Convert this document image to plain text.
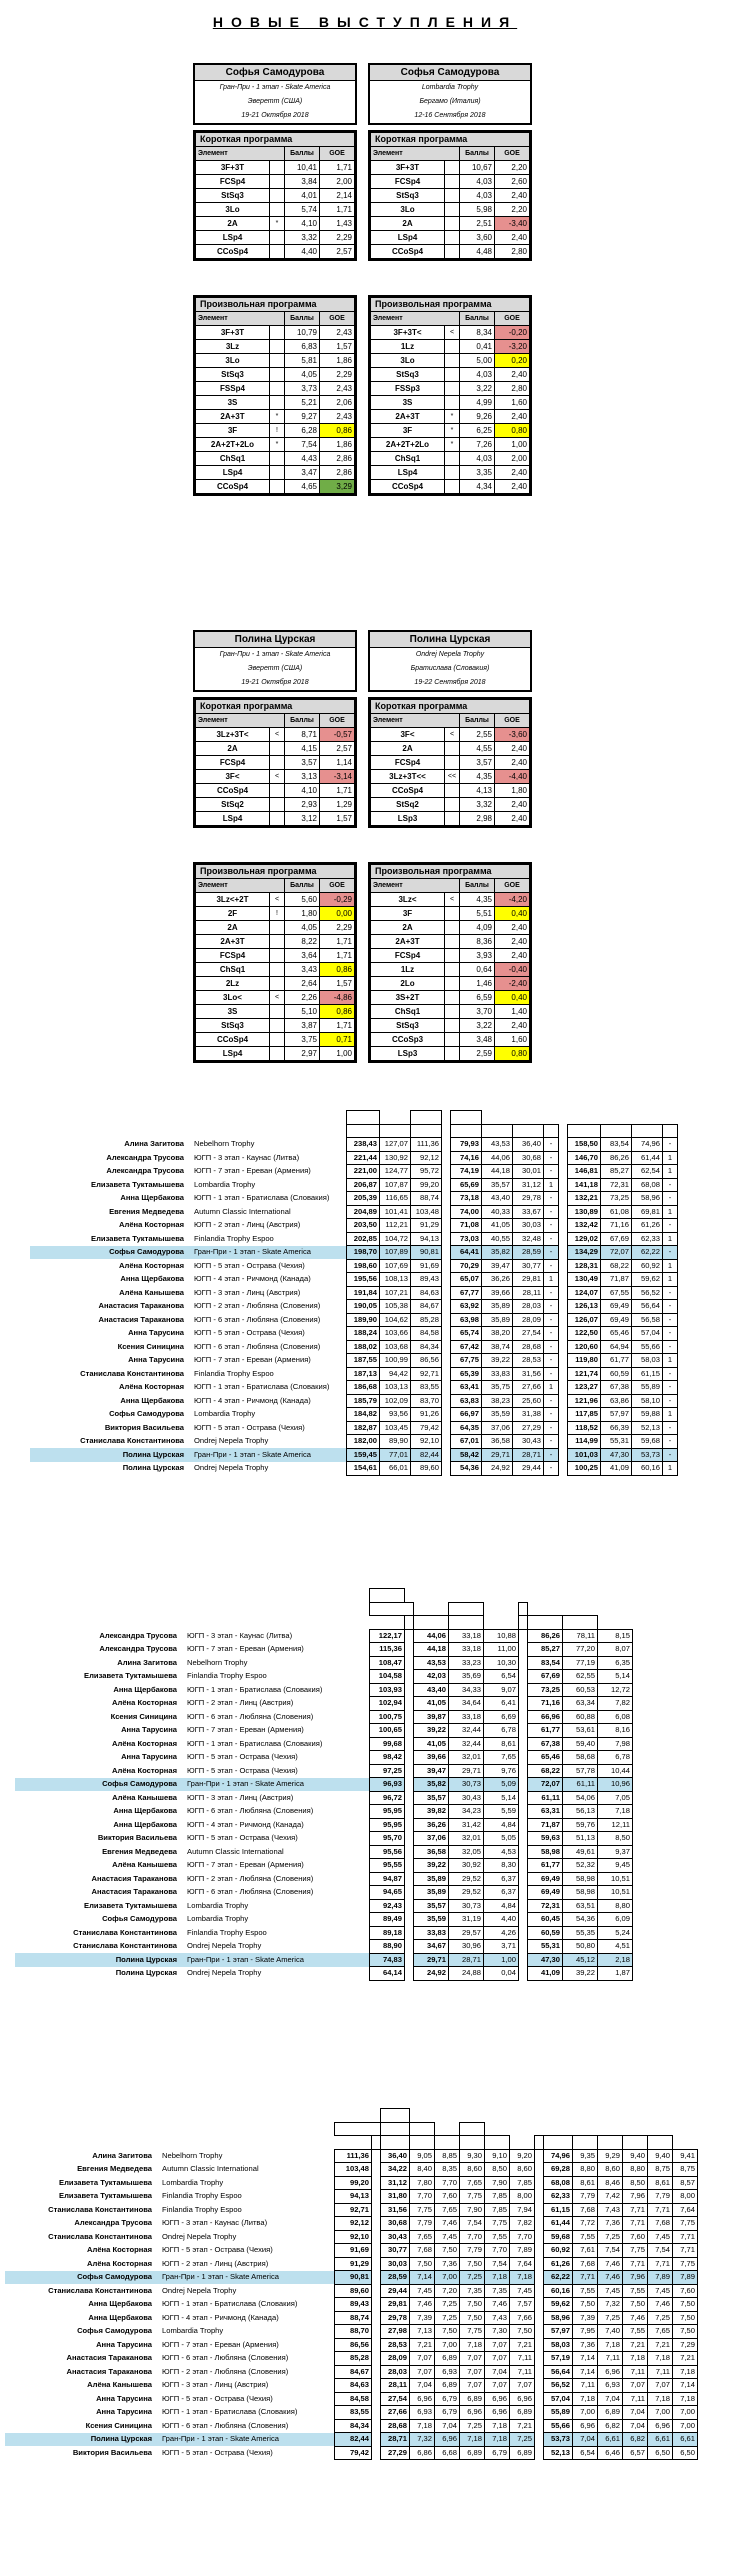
НОВЫЕ ВЫСТУПЛЕНИЯ
Софья Самодурова
Гран-При - 1 этап - Skate America
Эверетт (США)
19-21 Октября 2018
Короткая программа			
Элемент		Баллы	GOE
3F+3T		10,41	1,71
FCSp4		3,84	2,00
StSq3		4,01	2,14
3Lo		5,74	1,71
2A	*	4,10	1,43
LSp4		3,32	2,29
CCoSp4		4,40	2,57
Произвольная программа			
Элемент		Баллы	GOE
3F+3T		10,79	2,43
3Lz		6,83	1,57
3Lo		5,81	1,86
StSq3		4,05	2,29
FSSp4		3,73	2,43
3S		5,21	2,06
2A+3T	*	9,27	2,43
3F	!	6,28	0,86
2A+2T+2Lo	*	7,54	1,86
ChSq1		4,43	2,86
LSp4		3,47	2,86
CCoSp4		4,65	3,29
Софья Самодурова
Lombardia Trophy
Бергамо (Италия)
12-16 Сентября 2018
Короткая программа			
Элемент		Баллы	GOE
3F+3T		10,67	2,20
FCSp4		4,03	2,60
StSq3		4,03	2,40
3Lo		5,98	2,20
2A		2,51	-3,40
LSp4		3,60	2,40
CCoSp4		4,48	2,80
Произвольная программа			
Элемент		Баллы	GOE
3F+3T<	<	8,34	-0,20
1Lz		0,41	-3,20
3Lo		5,00	0,20
StSq3		4,03	2,40
FSSp3		3,22	2,80
3S		4,99	1,60
2A+3T	*	9,26	2,40
3F	*	6,25	0,80
2A+2T+2Lo	*	7,26	1,00
ChSq1		4,03	2,00
LSp4		3,35	2,40
CCoSp4		4,34	2,40
Полина Цурская
Гран-При - 1 этап - Skate America
Эверетт (США)
19-21 Октября 2018
Короткая программа			
Элемент		Баллы	GOE
3Lz+3T<	<	8,71	-0,57
2A		4,15	2,57
FCSp4		3,57	1,14
3F<	<	3,13	-3,14
CCoSp4		4,10	1,71
StSq2		2,93	1,29
LSp4		3,12	1,57
Произвольная программа			
Элемент		Баллы	GOE
3Lz<+2T	<	5,60	-0,29
2F	!	1,80	0,00
2A		4,05	2,29
2A+3T		8,22	1,71
FCSp4		3,64	1,71
ChSq1		3,43	0,86
2Lz		2,64	1,57
3Lo<	<	2,26	-4,86
3S		5,10	0,86
StSq3		3,87	1,71
CCoSp4		3,75	0,71
LSp4		2,97	1,00
Полина Цурская
Ondrej Nepela Trophy
Братислава (Словакия)
19-22 Сентября 2018
Короткая программа			
Элемент		Баллы	GOE
3F<	<	2,55	-3,60
2A		4,55	2,40
FCSp4		3,57	2,40
3Lz+3T<<	<<	4,35	-4,40
CCoSp4		4,13	1,80
StSq2		3,32	2,40
LSp3		2,98	2,40
Произвольная программа			
Элемент		Баллы	GOE
3Lz<	<	4,35	-4,20
3F		5,51	0,40
2A		4,09	2,40
2A+3T		8,36	2,40
FCSp4		3,93	2,40
1Lz		0,64	-0,40
2Lo		1,46	-2,40
3S+2T		6,59	0,40
ChSq1		3,70	1,40
StSq3		3,22	2,40
CCoSp3		3,48	1,60
LSp3		2,59	0,80

Алина Загитова	Nebelhorn Trophy	238,43	127,07	111,36		79,93	43,53	36,40	-		158,50	83,54	74,96	-
Александра Трусова	ЮГП - 3 этап - Каунас (Литва)	221,44	130,92	92,12		74,16	44,06	30,68	-		146,70	86,26	61,44	1
Александра Трусова	ЮГП - 7 этап - Ереван (Армения)	221,00	124,77	95,72		74,19	44,18	30,01	-		146,81	85,27	62,54	1
Елизавета Туктамышева	Lombardia Trophy	206,87	107,87	99,20		65,69	35,57	31,12	1		141,18	72,31	68,08	-
Анна Щербакова	ЮГП - 1 этап - Братислава (Словакия)	205,39	116,65	88,74		73,18	43,40	29,78	-		132,21	73,25	58,96	-
Евгения Медведева	Autumn Classic International	204,89	101,41	103,48		74,00	40,33	33,67	-		130,89	61,08	69,81	1
Алёна Косторная	ЮГП - 2 этап - Линц (Австрия)	203,50	112,21	91,29		71,08	41,05	30,03	-		132,42	71,16	61,26	-
Елизавета Туктамышева	Finlandia Trophy Espoo	202,85	104,72	94,13		73,03	40,55	32,48	-		129,02	67,69	62,33	1
Софья Самодурова	Гран-При - 1 этап - Skate America	198,70	107,89	90,81		64,41	35,82	28,59	-		134,29	72,07	62,22	-
Алёна Косторная	ЮГП - 5 этап - Острава (Чехия)	198,60	107,69	91,69		70,29	39,47	30,77	-		128,31	68,22	60,92	1
Анна Щербакова	ЮГП - 4 этап - Ричмонд (Канада)	195,56	108,13	89,43		65,07	36,26	29,81	1		130,49	71,87	59,62	1
Алёна Канышева	ЮГП - 3 этап - Линц (Австрия)	191,84	107,21	84,63		67,77	39,66	28,11	-		124,07	67,55	56,52	-
Анастасия Тараканова	ЮГП - 2 этап - Любляна (Словения)	190,05	105,38	84,67		63,92	35,89	28,03	-		126,13	69,49	56,64	-
Анастасия Тараканова	ЮГП - 6 этап - Любляна (Словения)	189,90	104,62	85,28		63,98	35,89	28,09	-		126,07	69,49	56,58	-
Анна Тарусина	ЮГП - 5 этап - Острава (Чехия)	188,24	103,66	84,58		65,74	38,20	27,54	-		122,50	65,46	57,04	-
Ксения Синицина	ЮГП - 6 этап - Любляна (Словения)	188,02	103,68	84,34		67,42	38,74	28,68	-		120,60	64,94	55,66	-
Анна Тарусина	ЮГП - 7 этап - Ереван (Армения)	187,55	100,99	86,56		67,75	39,22	28,53	-		119,80	61,77	58,03	1
Станислава Константинова	Finlandia Trophy Espoo	187,13	94,42	92,71		65,39	33,83	31,56	-		121,74	60,59	61,15	-
Алёна Косторная	ЮГП - 1 этап - Братислава (Словакия)	186,68	103,13	83,55		63,41	35,75	27,66	1		123,27	67,38	55,89	-
Анна Щербакова	ЮГП - 4 этап - Ричмонд (Канада)	185,79	102,09	83,70		63,83	38,23	25,60	-		121,96	63,86	58,10	-
Софья Самодурова	Lombardia Trophy	184,82	93,56	91,26		66,97	35,59	31,38	-		117,85	57,97	59,88	1
Виктория Васильева	ЮГП - 5 этап - Острава (Чехия)	182,87	103,45	79,42		64,35	37,06	27,29	-		118,52	66,39	52,13	-
Станислава Константинова	Ondrej Nepela Trophy	182,00	89,90	92,10		67,01	36,58	30,43	-		114,99	55,31	59,68	-
Полина Цурская	Гран-При - 1 этап - Skate America	159,45	77,01	82,44		58,42	29,71	28,71	-		101,03	47,30	53,73	-
Полина Цурская	Ondrej Nepela Trophy	154,61	66,01	89,60		54,36	24,92	29,44	-		100,25	41,09	60,16	1

Александра Трусова	ЮГП - 3 этап - Каунас (Литва)	122,17		44,06	33,18	10,88		86,26	78,11	8,15
Александра Трусова	ЮГП - 7 этап - Ереван (Армения)	115,36		44,18	33,18	11,00		85,27	77,20	8,07
Алина Загитова	Nebelhorn Trophy	108,47		43,53	33,23	10,30		83,54	77,19	6,35
Елизавета Туктамышева	Finlandia Trophy Espoo	104,58		42,03	35,69	6,54		67,69	62,55	5,14
Анна Щербакова	ЮГП - 1 этап - Братислава (Словакия)	103,93		43,40	34,33	9,07		73,25	60,53	12,72
Алёна Косторная	ЮГП - 2 этап - Линц (Австрия)	102,94		41,05	34,64	6,41		71,16	63,34	7,82
Ксения Синицина	ЮГП - 6 этап - Любляна (Словения)	100,75		39,87	33,18	6,69		66,96	60,88	6,08
Анна Тарусина	ЮГП - 7 этап - Ереван (Армения)	100,65		39,22	32,44	6,78		61,77	53,61	8,16
Алёна Косторная	ЮГП - 1 этап - Братислава (Словакия)	99,68		41,05	32,44	8,61		67,38	59,40	7,98
Анна Тарусина	ЮГП - 5 этап - Острава (Чехия)	98,42		39,66	32,01	7,65		65,46	58,68	6,78
Алёна Косторная	ЮГП - 5 этап - Острава (Чехия)	97,25		39,47	29,71	9,76		68,22	57,78	10,44
Софья Самодурова	Гран-При - 1 этап - Skate America	96,93		35,82	30,73	5,09		72,07	61,11	10,96
Алёна Канышева	ЮГП - 3 этап - Линц (Австрия)	96,72		35,57	30,43	5,14		61,11	54,06	7,05
Анна Щербакова	ЮГП - 6 этап - Любляна (Словения)	95,95		39,82	34,23	5,59		63,31	56,13	7,18
Анна Щербакова	ЮГП - 4 этап - Ричмонд (Канада)	95,95		36,26	31,42	4,84		71,87	59,76	12,11
Виктория Васильева	ЮГП - 5 этап - Острава (Чехия)	95,70		37,06	32,01	5,05		59,63	51,13	8,50
Евгения Медведева	Autumn Classic International	95,56		36,58	32,05	4,53		58,98	49,61	9,37
Алёна Канышева	ЮГП - 7 этап - Ереван (Армения)	95,55		39,22	30,92	8,30		61,77	52,32	9,45
Анастасия Тараканова	ЮГП - 2 этап - Любляна (Словения)	94,87		35,89	29,52	6,37		69,49	58,98	10,51
Анастасия Тараканова	ЮГП - 6 этап - Любляна (Словения)	94,65		35,89	29,52	6,37		69,49	58,98	10,51
Елизавета Туктамышева	Lombardia Trophy	92,43		35,57	30,73	4,84		72,31	63,51	8,80
Софья Самодурова	Lombardia Trophy	89,49		35,59	31,19	4,40		60,45	54,36	6,09
Станислава Константинова	Finlandia Trophy Espoo	89,18		33,83	29,57	4,26		60,59	55,35	5,24
Станислава Константинова	Ondrej Nepela Trophy	88,90		34,67	30,96	3,71		55,31	50,80	4,51
Полина Цурская	Гран-При - 1 этап - Skate America	74,83		29,71	28,71	1,00		47,30	45,12	2,18
Полина Цурская	Ondrej Nepela Trophy	64,14		24,92	24,88	0,04		41,09	39,22	1,87

Алина Загитова	Nebelhorn Trophy	111,36		36,40	9,05	8,85	9,30	9,10	9,20		74,96	9,35	9,29	9,40	9,40	9,41
Евгения Медведева	Autumn Classic International	103,48		34,22	8,40	8,35	8,60	8,50	8,60		69,28	8,80	8,60	8,80	8,75	8,75
Елизавета Туктамышева	Lombardia Trophy	99,20		31,12	7,80	7,70	7,65	7,90	7,85		68,08	8,61	8,46	8,50	8,61	8,57
Елизавета Туктамышева	Finlandia Trophy Espoo	94,13		31,80	7,70	7,60	7,75	7,85	8,00		62,33	7,79	7,42	7,96	7,79	8,00
Станислава Константинова	Finlandia Trophy Espoo	92,71		31,56	7,75	7,65	7,90	7,85	7,94		61,15	7,68	7,43	7,71	7,71	7,64
Александра Трусова	ЮГП - 3 этап - Каунас (Литва)	92,12		30,68	7,79	7,46	7,54	7,75	7,82		61,44	7,72	7,36	7,71	7,68	7,75
Станислава Константинова	Ondrej Nepela Trophy	92,10		30,43	7,65	7,45	7,70	7,55	7,70		59,68	7,55	7,25	7,60	7,45	7,71
Алёна Косторная	ЮГП - 5 этап - Острава (Чехия)	91,69		30,77	7,68	7,50	7,79	7,70	7,89		60,92	7,61	7,54	7,75	7,54	7,71
Алёна Косторная	ЮГП - 2 этап - Линц (Австрия)	91,29		30,03	7,50	7,36	7,50	7,54	7,64		61,26	7,68	7,46	7,71	7,71	7,75
Софья Самодурова	Гран-При - 1 этап - Skate America	90,81		28,59	7,14	7,00	7,25	7,18	7,18		62,22	7,71	7,46	7,96	7,89	7,89
Станислава Константинова	Ondrej Nepela Trophy	89,60		29,44	7,45	7,20	7,35	7,35	7,45		60,16	7,55	7,45	7,55	7,45	7,60
Анна Щербакова	ЮГП - 1 этап - Братислава (Словакия)	89,43		29,81	7,46	7,25	7,50	7,46	7,57		59,62	7,50	7,32	7,50	7,46	7,50
Анна Щербакова	ЮГП - 4 этап - Ричмонд (Канада)	88,74		29,78	7,39	7,25	7,50	7,43	7,66		58,96	7,39	7,25	7,46	7,25	7,50
Софья Самодурова	Lombardia Trophy	88,70		27,98	7,13	7,50	7,75	7,30	7,50		57,97	7,95	7,40	7,55	7,65	7,50
Анна Тарусина	ЮГП - 7 этап - Ереван (Армения)	86,56		28,53	7,21	7,00	7,18	7,07	7,21		58,03	7,36	7,18	7,21	7,21	7,29
Анастасия Тараканова	ЮГП - 6 этап - Любляна (Словения)	85,28		28,09	7,07	6,89	7,07	7,07	7,11		57,19	7,14	7,11	7,18	7,18	7,21
Анастасия Тараканова	ЮГП - 2 этап - Любляна (Словения)	84,67		28,03	7,07	6,93	7,07	7,04	7,11		56,64	7,14	6,96	7,11	7,11	7,18
Алёна Канышева	ЮГП - 3 этап - Линц (Австрия)	84,63		28,11	7,04	6,89	7,07	7,07	7,07		56,52	7,11	6,93	7,07	7,07	7,14
Анна Тарусина	ЮГП - 5 этап - Острава (Чехия)	84,58		27,54	6,96	6,79	6,89	6,96	6,96		57,04	7,18	7,04	7,11	7,18	7,18
Анна Тарусина	ЮГП - 1 этап - Братислава (Словакия)	83,55		27,66	6,93	6,79	6,96	6,96	6,89		55,89	7,00	6,89	7,04	7,00	7,00
Ксения Синицина	ЮГП - 6 этап - Любляна (Словения)	84,34		28,68	7,18	7,04	7,25	7,18	7,21		55,66	6,96	6,82	7,04	6,96	7,00
Полина Цурская	Гран-При - 1 этап - Skate America	82,44		28,71	7,32	6,96	7,18	7,18	7,25		53,73	7,04	6,61	6,82	6,61	6,61
Виктория Васильева	ЮГП - 5 этап - Острава (Чехия)	79,42		27,29	6,86	6,68	6,89	6,79	6,89		52,13	6,54	6,46	6,57	6,50	6,50
